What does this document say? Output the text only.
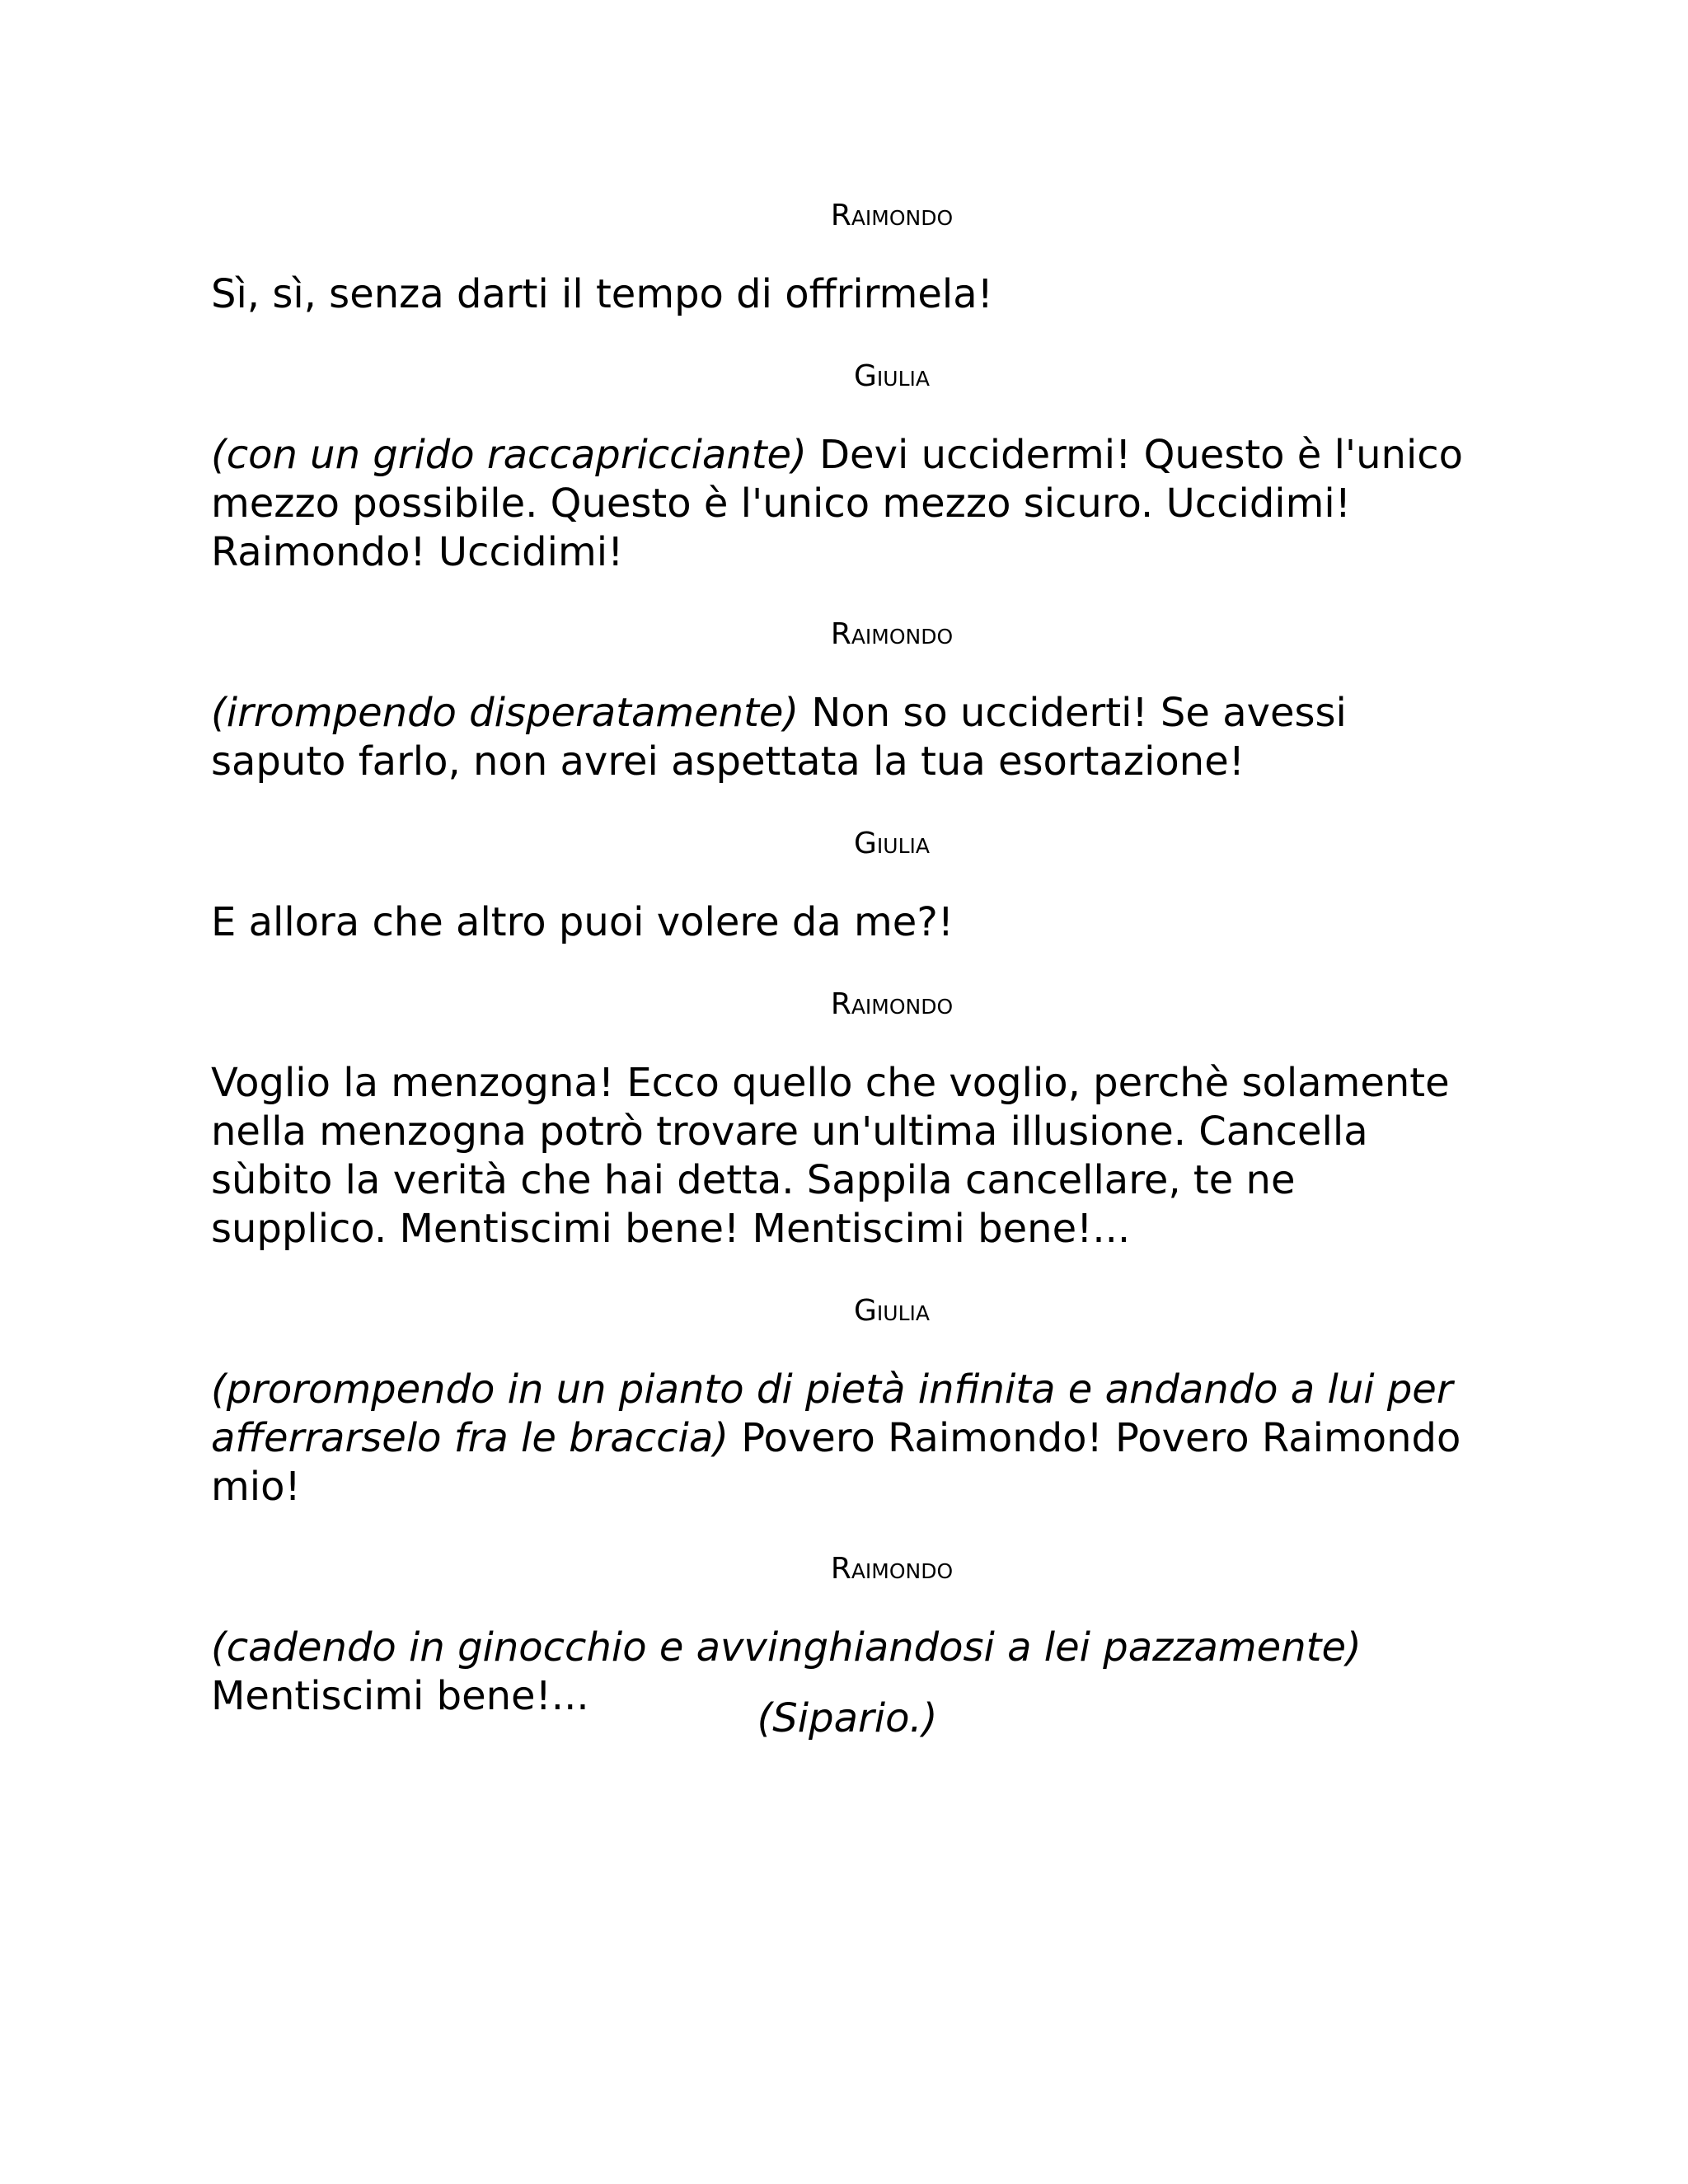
Raimondo

Sì, sì, senza darti il tempo di offrirmela!

Giulia

(con un grido raccapricciante) Devi uccidermi! Questo è l'unico mezzo possibile. Questo è l'unico mezzo sicuro. Uccidimi! Raimondo! Uccidimi!

Raimondo

(irrompendo disperatamente) Non so ucciderti! Se avessi saputo farlo, non avrei aspettata la tua esortazione!

Giulia

E allora che altro puoi volere da me?!

Raimondo

Voglio la menzogna! Ecco quello che voglio, perchè solamente nella menzogna potrò trovare un'ultima illusione. Cancella sùbito la verità che hai detta. Sappila cancellare, te ne supplico. Mentiscimi bene! Mentiscimi bene!...

Giulia

(prorompendo in un pianto di pietà infinita e andando a lui per afferrarselo fra le braccia) Povero Raimondo! Povero Raimondo mio!

Raimondo

(cadendo in ginocchio e avvinghiandosi a lei pazzamente) Mentiscimi bene!...	(Sipario.)
